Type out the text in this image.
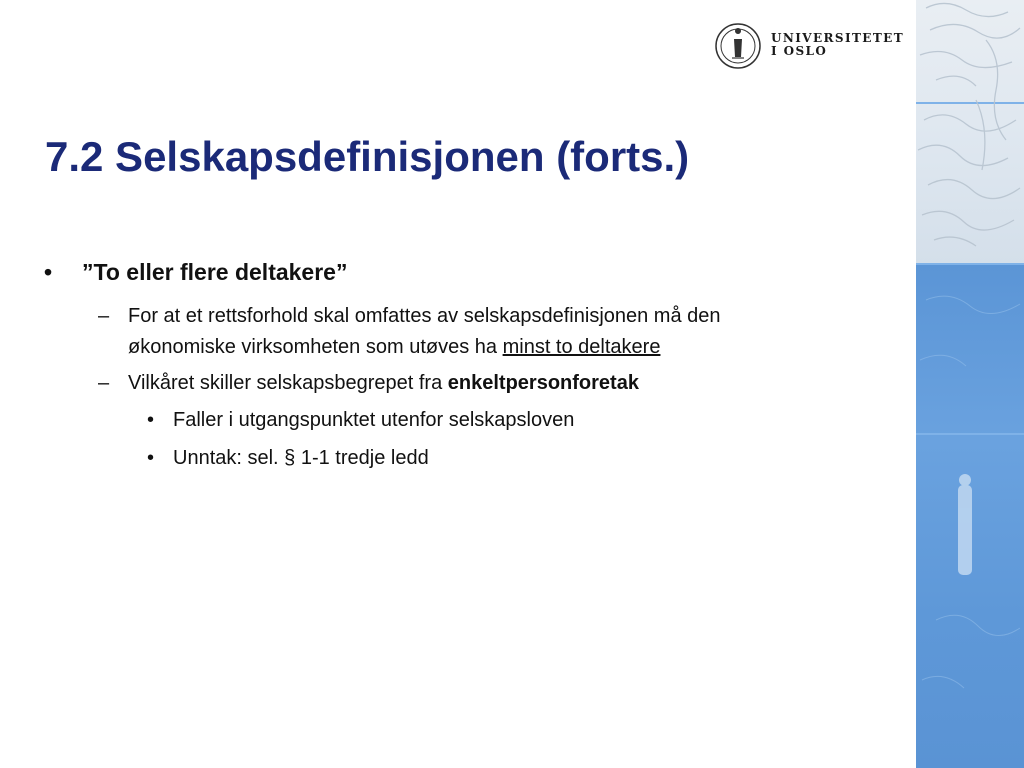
UNIVERSITETET
I OSLO
7.2 Selskapsdefinisjonen (forts.)
• ”To eller flere deltakere”
– For at et rettsforhold skal omfattes av selskapsdefinisjonen må den
økonomiske virksomheten som utøves ha minst to deltakere
– Vilkåret skiller selskapsbegrepet fra enkeltpersonforetak
• Faller i utgangspunktet utenfor selskapsloven
• Unntak: sel. § 1-1 tredje ledd
